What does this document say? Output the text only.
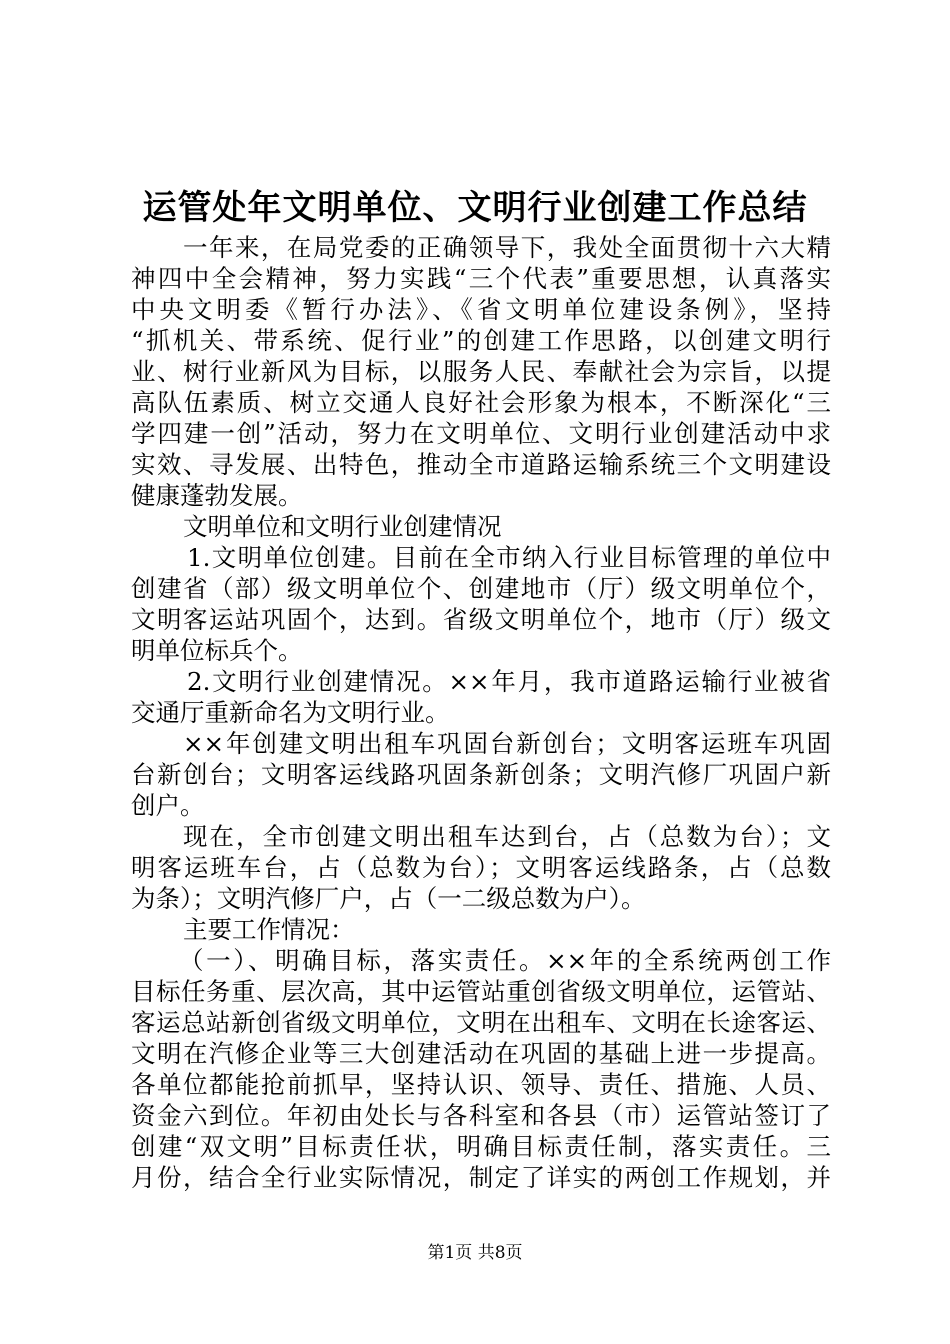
运管处年文明单位、文明行业创建工作总结
一年来，在局党委的正确领导下，我处全面贯彻十六大精
神四中全会精神，努力实践“三个代表”重要思想，认真落实
中央文明委《暂行办法》、《省文明单位建设条例》，坚持
“抓机关、带系统、促行业”的创建工作思路，以创建文明行
业、树行业新风为目标，以服务人民、奉献社会为宗旨，以提
高队伍素质、树立交通人良好社会形象为根本，不断深化“三
学四建一创”活动，努力在文明单位、文明行业创建活动中求
实效、寻发展、出特色，推动全市道路运输系统三个文明建设
健康蓬勃发展。
文明单位和文明行业创建情况
1.文明单位创建。目前在全市纳入行业目标管理的单位中
创建省（部）级文明单位个、创建地市（厅）级文明单位个，
文明客运站巩固个，达到。省级文明单位个，地市（厅）级文
明单位标兵个。
2.文明行业创建情况。××年月，我市道路运输行业被省
交通厅重新命名为文明行业。
××年创建文明出租车巩固台新创台；文明客运班车巩固
台新创台；文明客运线路巩固条新创条；文明汽修厂巩固户新
创户。
现在，全市创建文明出租车达到台，占（总数为台）；文
明客运班车台，占（总数为台）；文明客运线路条，占（总数
为条）；文明汽修厂户，占（一二级总数为户）。
主要工作情况：
（一）、明确目标，落实责任。××年的全系统两创工作
目标任务重、层次高，其中运管站重创省级文明单位，运管站、
客运总站新创省级文明单位，文明在出租车、文明在长途客运、
文明在汽修企业等三大创建活动在巩固的基础上进一步提高。
各单位都能抢前抓早，坚持认识、领导、责任、措施、人员、
资金六到位。年初由处长与各科室和各县（市）运管站签订了
创建“双文明”目标责任状，明确目标责任制，落实责任。三
月份，结合全行业实际情况，制定了详实的两创工作规划，并
第1页 共8页
